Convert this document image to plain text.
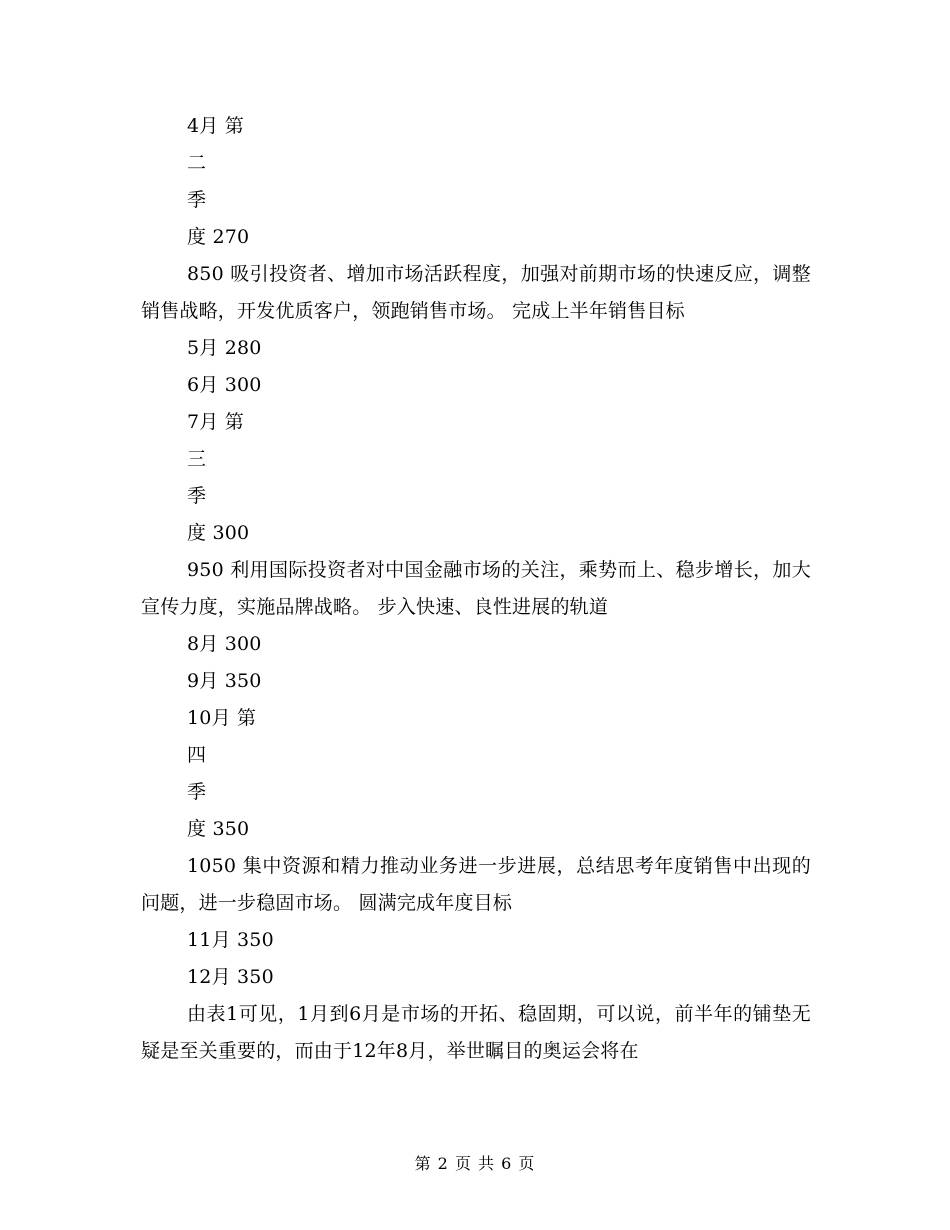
4月 第
二
季
度 270
850 吸引投资者、增加市场活跃程度，加强对前期市场的快速反应，调整销售战略，开发优质客户，领跑销售市场。 完成上半年销售目标
5月 280
6月 300
7月 第
三
季
度 300
950 利用国际投资者对中国金融市场的关注，乘势而上、稳步增长，加大宣传力度，实施品牌战略。 步入快速、良性进展的轨道
8月 300
9月 350
10月 第
四
季
度 350
1050 集中资源和精力推动业务进一步进展，总结思考年度销售中出现的问题，进一步稳固市场。 圆满完成年度目标
11月 350
12月 350
由表1可见，1月到6月是市场的开拓、稳固期，可以说，前半年的铺垫无疑是至关重要的，而由于12年8月，举世瞩目的奥运会将在
第 2 页 共 6 页
